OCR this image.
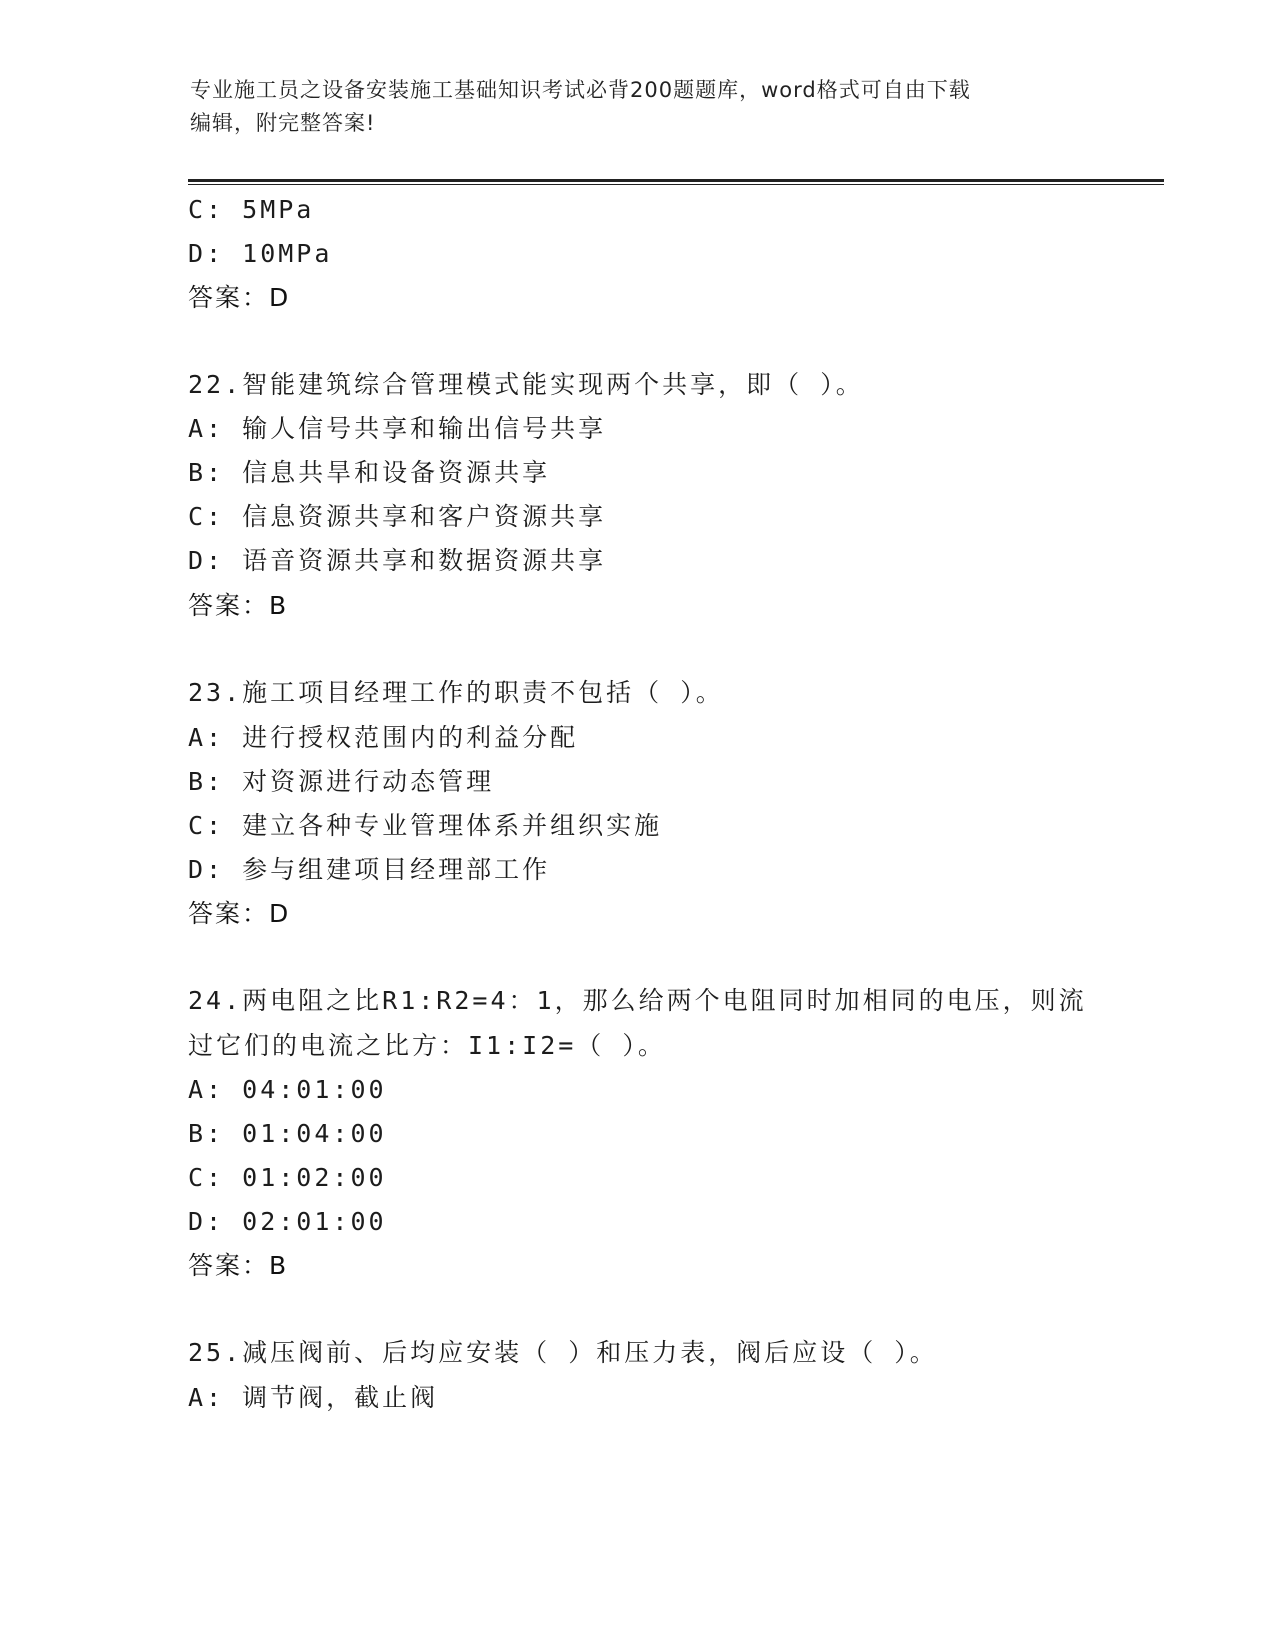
专业施工员之设备安装施工基础知识考试必背200题题库，word格式可自由下载
编辑，附完整答案!
C: 5MPa
D: 10MPa
答案：D
22.智能建筑综合管理模式能实现两个共享，即（ ）。
A: 输人信号共享和输出信号共享
B: 信息共旱和设备资源共享
C: 信息资源共享和客户资源共享
D: 语音资源共享和数据资源共享
答案：B
23.施工项目经理工作的职责不包括（ ）。
A: 进行授权范围内的利益分配
B: 对资源进行动态管理
C: 建立各种专业管理体系并组织实施
D: 参与组建项目经理部工作
答案：D
24.两电阻之比R1:R2=4：1，那么给两个电阻同时加相同的电压，则流
过它们的电流之比方：I1:I2=（ ）。
A: 04:01:00
B: 01:04:00
C: 01:02:00
D: 02:01:00
答案：B
25.减压阀前、后均应安装（ ）和压力表，阀后应设（ ）。
A: 调节阀，截止阀
